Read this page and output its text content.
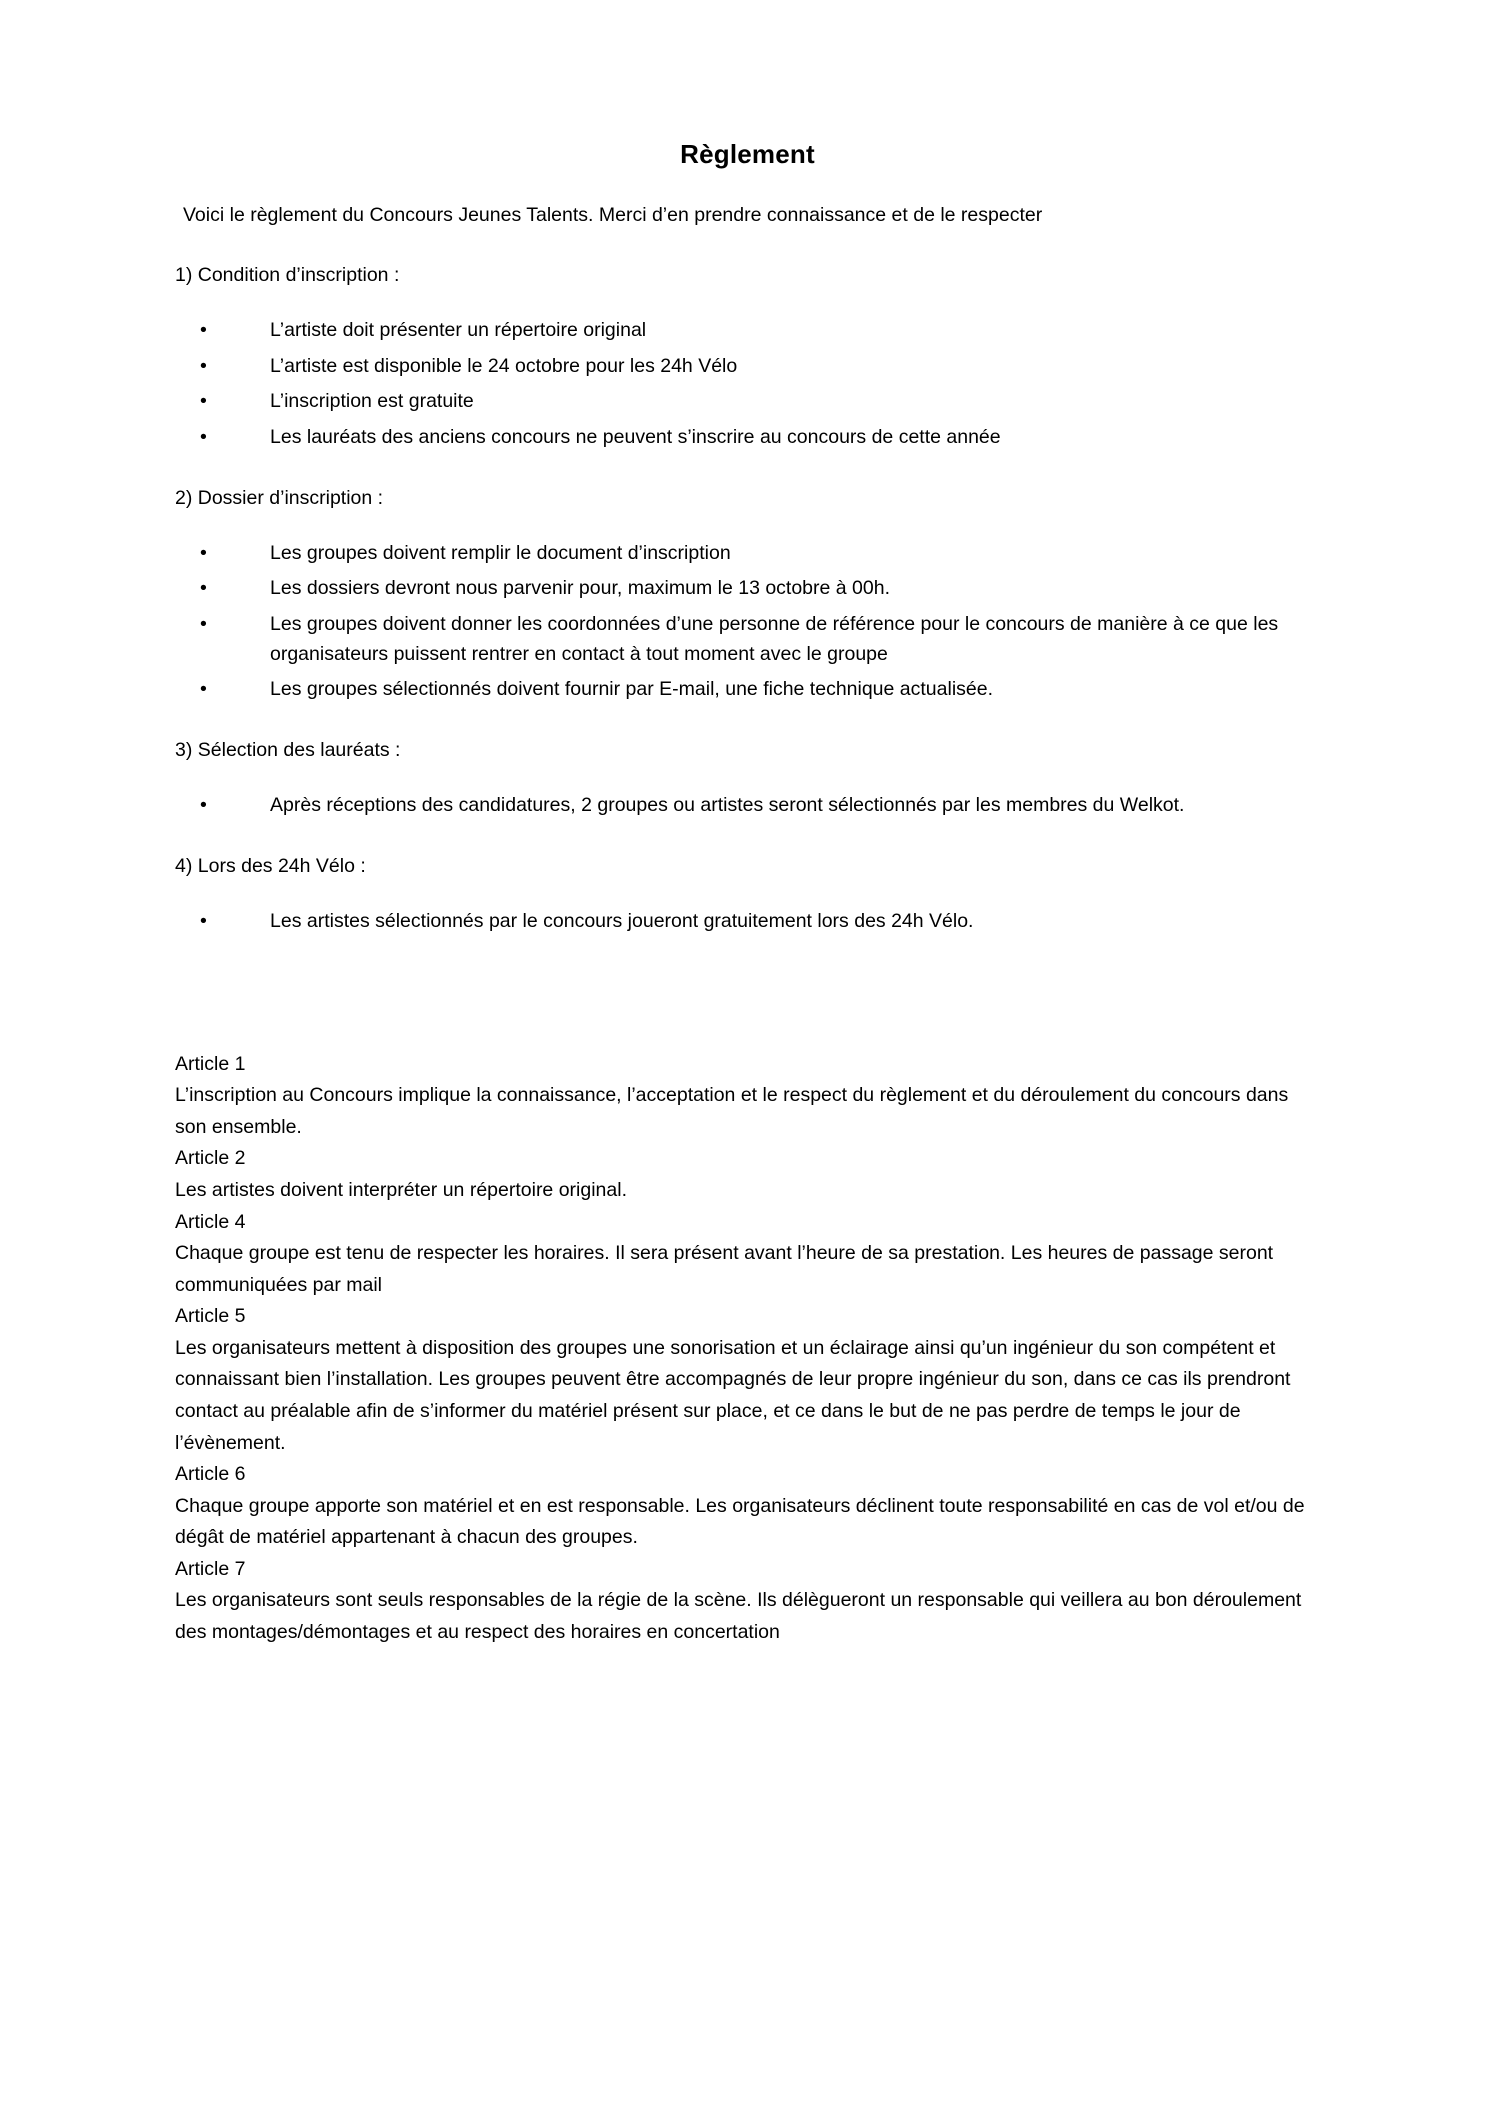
Règlement

Voici le règlement du Concours Jeunes Talents. Merci d’en prendre connaissance et de le respecter

1) Condition d’inscription :

•	L’artiste doit présenter un répertoire original
•	L’artiste est disponible le 24 octobre pour les 24h Vélo
•	L’inscription est gratuite
•	Les lauréats des anciens concours ne peuvent s’inscrire au concours de cette année

2) Dossier d’inscription :

•	Les groupes doivent remplir le document d’inscription
•	Les dossiers devront nous parvenir pour, maximum le 13 octobre à 00h.
•	Les groupes doivent donner les coordonnées d’une personne de référence pour le concours de manière à ce que les organisateurs puissent rentrer en contact à tout moment avec le groupe
•	Les groupes sélectionnés doivent fournir par E-mail, une fiche technique actualisée.

3) Sélection des lauréats :

•	Après réceptions des candidatures, 2 groupes ou artistes seront sélectionnés par les membres du Welkot.

4) Lors des 24h Vélo :

•	Les artistes sélectionnés par le concours joueront gratuitement lors des 24h Vélo.

Article 1

L’inscription au Concours implique la connaissance, l’acceptation et le respect du règlement et du déroulement du concours dans son ensemble.

Article 2

Les artistes doivent interpréter un répertoire original.

Article 4

Chaque groupe est tenu de respecter les horaires. Il sera présent avant l’heure de sa prestation. Les heures de passage seront communiquées par mail

Article 5

Les organisateurs mettent à disposition des groupes une sonorisation et un éclairage ainsi qu’un ingénieur du son compétent et connaissant bien l’installation. Les groupes peuvent être accompagnés de leur propre ingénieur du son, dans ce cas ils prendront contact au préalable afin de s’informer du matériel présent sur place, et ce dans le but de ne pas perdre de temps le jour de l’évènement.

Article 6

Chaque groupe apporte son matériel et en est responsable. Les organisateurs déclinent toute responsabilité en cas de vol et/ou de dégât de matériel appartenant à chacun des groupes.

Article 7

Les organisateurs sont seuls responsables de la régie de la scène. Ils délègueront un responsable qui veillera au bon déroulement des montages/démontages et au respect des horaires en concertation
